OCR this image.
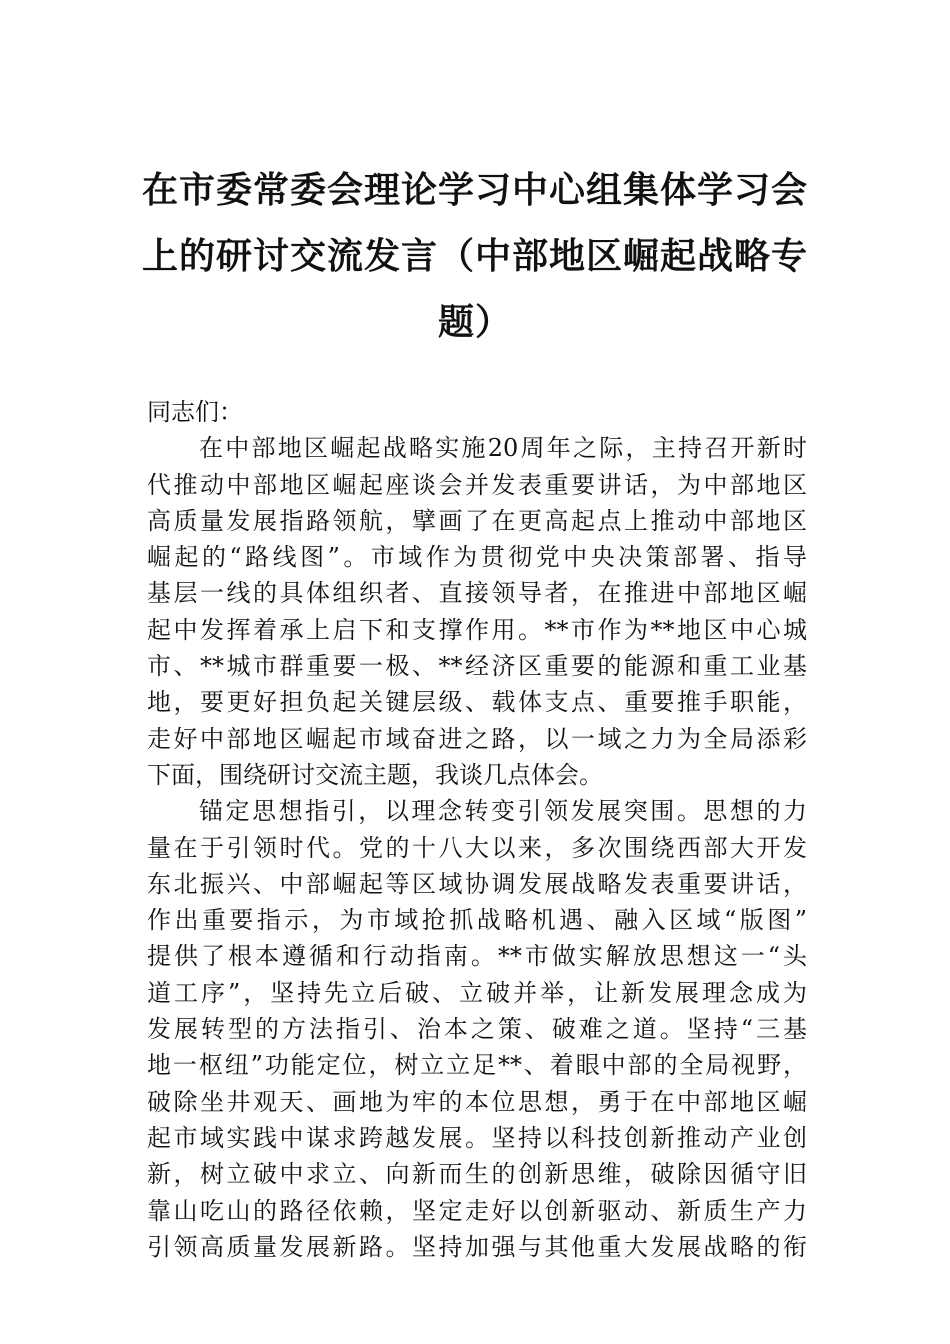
在市委常委会理论学习中心组集体学习会
上的研讨交流发言（中部地区崛起战略专
题）
同志们：
在中部地区崛起战略实施20周年之际，主持召开新时
代推动中部地区崛起座谈会并发表重要讲话，为中部地区
高质量发展指路领航，擘画了在更高起点上推动中部地区
崛起的“路线图”。市域作为贯彻党中央决策部署、指导
基层一线的具体组织者、直接领导者，在推进中部地区崛
起中发挥着承上启下和支撑作用。**市作为**地区中心城
市、**城市群重要一极、**经济区重要的能源和重工业基
地，要更好担负起关键层级、载体支点、重要推手职能，
走好中部地区崛起市域奋进之路，以一域之力为全局添彩
下面，围绕研讨交流主题，我谈几点体会。
锚定思想指引，以理念转变引领发展突围。思想的力
量在于引领时代。党的十八大以来，多次围绕西部大开发
东北振兴、中部崛起等区域协调发展战略发表重要讲话，
作出重要指示，为市域抢抓战略机遇、融入区域“版图”
提供了根本遵循和行动指南。**市做实解放思想这一“头
道工序”，坚持先立后破、立破并举，让新发展理念成为
发展转型的方法指引、治本之策、破难之道。坚持“三基
地一枢纽”功能定位，树立立足**、着眼中部的全局视野，
破除坐井观天、画地为牢的本位思想，勇于在中部地区崛
起市域实践中谋求跨越发展。坚持以科技创新推动产业创
新，树立破中求立、向新而生的创新思维，破除因循守旧
靠山吃山的路径依赖，坚定走好以创新驱动、新质生产力
引领高质量发展新路。坚持加强与其他重大发展战略的衔
